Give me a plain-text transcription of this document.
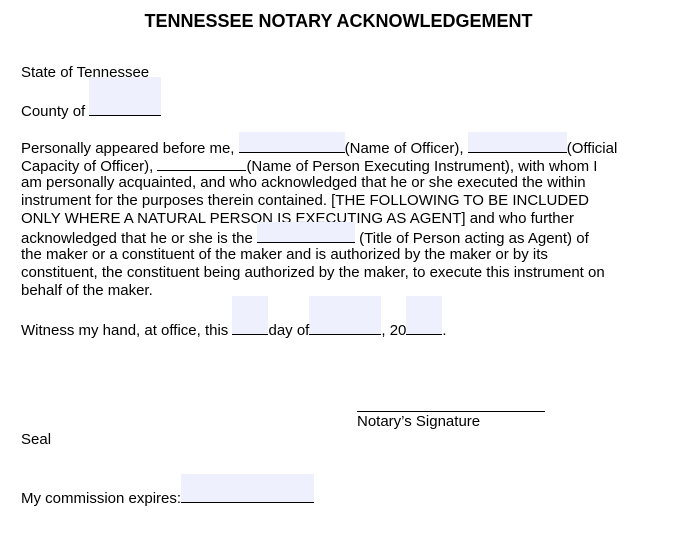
TENNESSEE NOTARY ACKNOWLEDGEMENT
State of Tennessee
County of
Personally appeared before me,	(Name of Officer),	(Official
Capacity of Officer),	(Name of Person Executing Instrument), with whom I
am personally acquainted, and who acknowledged that he or she executed the within
instrument for the purposes therein contained. [THE FOLLOWING TO BE INCLUDED
ONLY WHERE A NATURAL PERSON IS EXECUTING AS AGENT] and who further
acknowledged that he or she is the	(Title of Person acting as Agent) of
the maker or a constituent of the maker and is authorized by the maker or by its
constituent, the constituent being authorized by the maker, to execute this instrument on
behalf of the maker.
Witness my hand, at office, this day of	, 20 .
Notary’s Signature
Seal
My commission expires:
